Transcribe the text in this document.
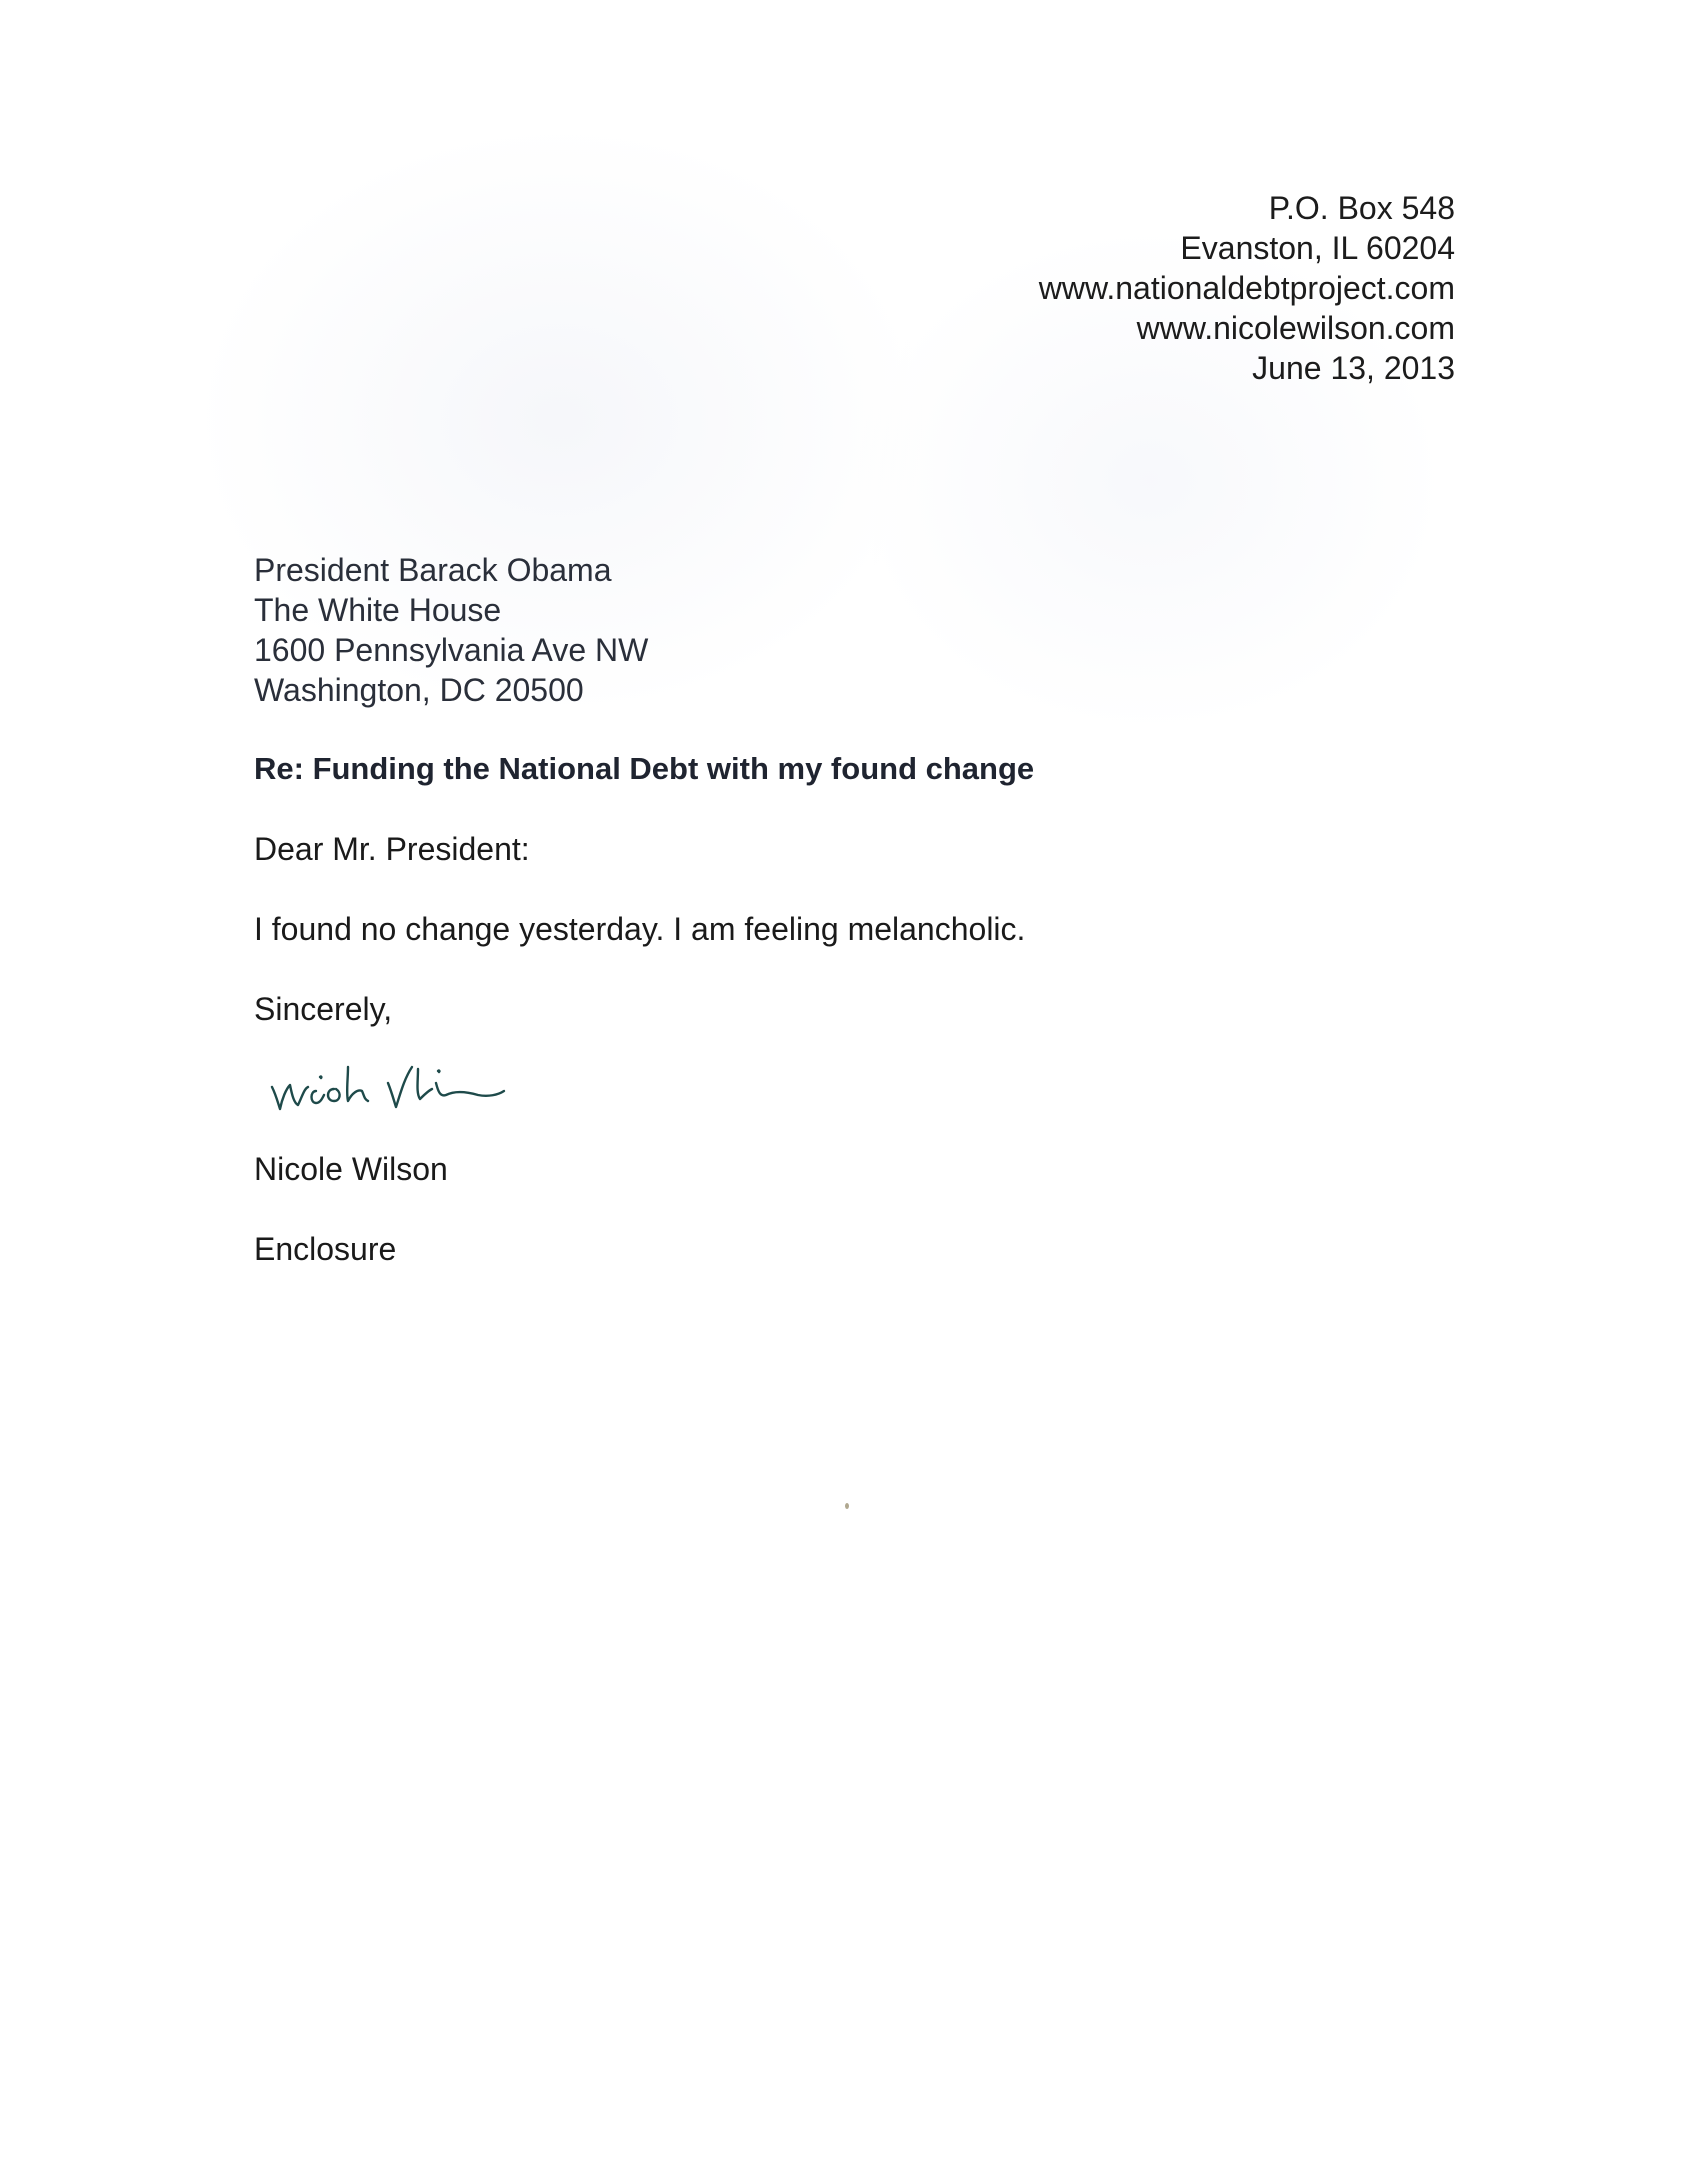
P.O. Box 548
Evanston, IL 60204
www.nationaldebtproject.com
www.nicolewilson.com
June 13, 2013
President Barack Obama
The White House
1600 Pennsylvania Ave NW
Washington, DC 20500
Re: Funding the National Debt with my found change
Dear Mr. President:
I found no change yesterday. I am feeling melancholic.
Sincerely,
Nicole Wilson
Enclosure
